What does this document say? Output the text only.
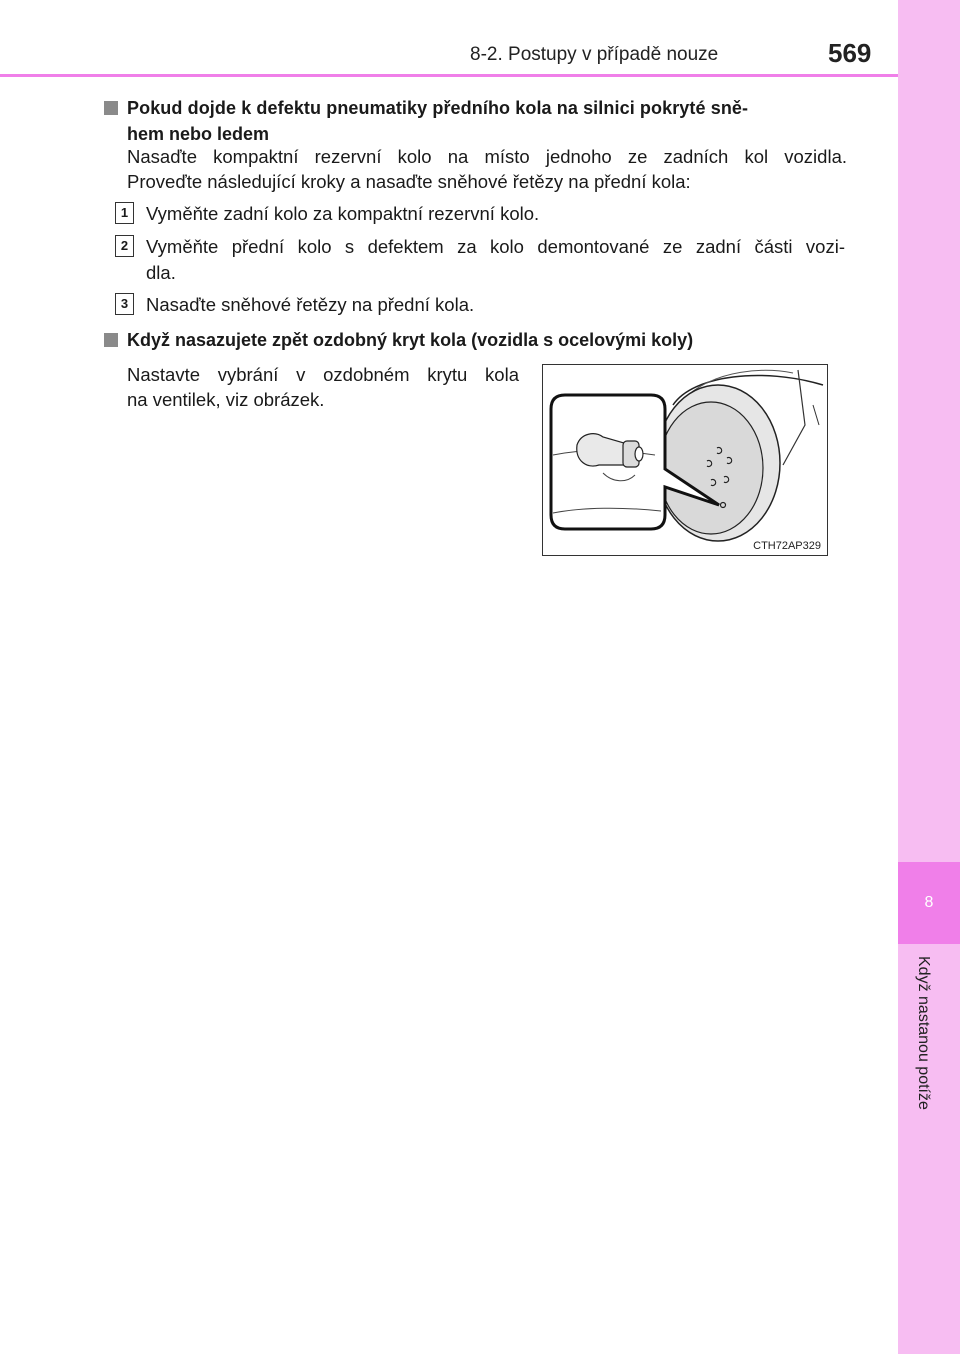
8
Když nastanou potíže
8-2. Postupy v případě nouze	569
Pokud dojde k defektu pneumatiky předního kola na silnici pokryté sně-
hem nebo ledem
Nasaďte kompaktní rezervní kolo na místo jednoho ze zadních kol vozidla.
Proveďte následující kroky a nasaďte sněhové řetězy na přední kola:
1 Vyměňte zadní kolo za kompaktní rezervní kolo.
2 Vyměňte přední kolo s defektem za kolo demontované ze zadní části vozi-
dla.
3 Nasaďte sněhové řetězy na přední kola.
Když nasazujete zpět ozdobný kryt kola (vozidla s ocelovými koly)
Nastavte vybrání v ozdobném krytu kola
na ventilek, viz obrázek.
CTH72AP329
